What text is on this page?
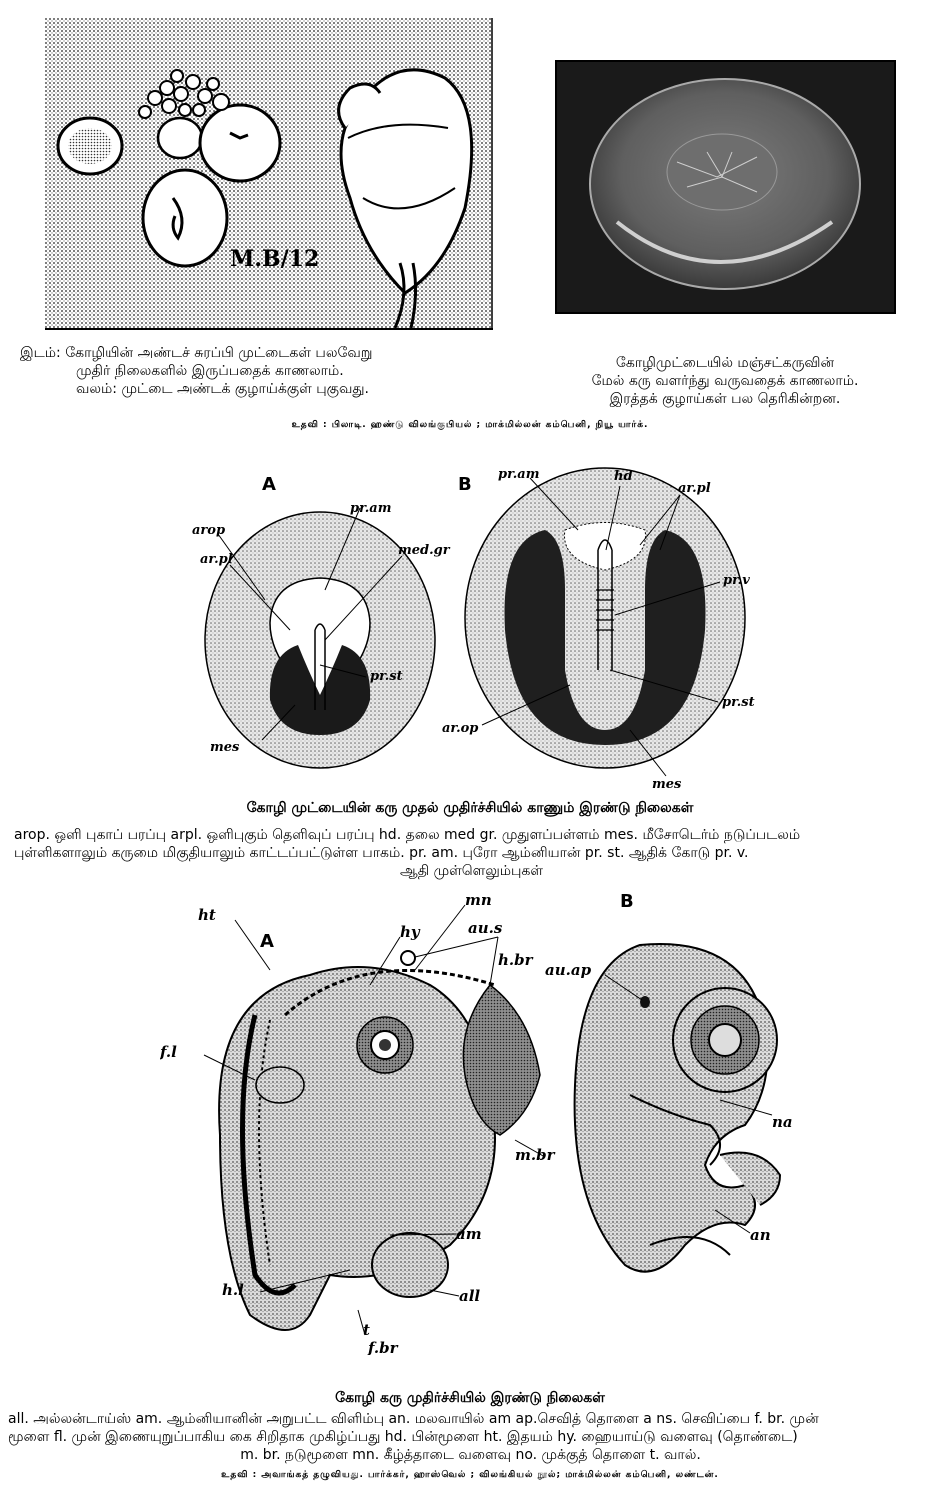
M.B/12
இடம்: கோழியின் அண்டச் சுரப்பி முட்டைகள் பலவேறு
முதிர் நிலைகளில் இருப்பதைக் காணலாம்.
வலம்: முட்டை அண்டக் குழாய்க்குள் புகுவது.
கோழிமுட்டையில் மஞ்சட்கருவின்
மேல் கரு வளர்ந்து வருவதைக் காணலாம்.
இரத்தக் குழாய்கள் பல தெரிகின்றன.
உதவி : பிலாடி. ஹண்டு விலங்குபியல் ; மாக்மில்லன் கம்பெனி, நியூ யார்க்.
A	B
arop
ar.pl
pr.am
med.gr
pr.st
mes
pr.am	hd
ar.pl
pr.v
pr.st
ar.op
mes
கோழி முட்டையின் கரு முதல் முதிர்ச்சியில் காணும் இரண்டு நிலைகள்
arop. ஒளி புகாப் பரப்பு arpl. ஒளிபுகும் தெளிவுப் பரப்பு hd. தலை med gr. முதுளப்பள்ளம் mes. மீசோடெர்ம் நடுப்படலம்
புள்ளிகளாலும் கருமை மிகுதியாலும் காட்டப்பட்டுள்ள பாகம். pr. am. புரோ ஆம்னியான் pr. st. ஆதிக் கோடு pr. v.
ஆதி முள்ளெலும்புகள்
A
B
hy
mn
ht
au.s
h.br
f.l
m.br
am
h.l	all
t
f.br
au.ap
na
an
கோழி கரு முதிர்ச்சியில் இரண்டு நிலைகள்
all. அல்லன்டாய்ஸ் am. ஆம்னியானின் அறுபட்ட விளிம்பு an. மலவாயில் am ap.செவித் தொளை a ns. செவிப்பை f. br. முன்
மூளை fl. முன் இணையுறுப்பாகிய கை சிறிதாக முகிழ்ப்பது hd. பின்மூளை ht. இதயம் hy. ஹையாய்டு வளைவு (தொண்டை)
m. br. நடுமூளை mn. கீழ்த்தாடை வளைவு no. முக்குத் தொளை t. வால்.
உதவி : அவாங்கத் தழுவியது. பார்க்கர், ஹாஸ்வெல் ; விலங்கியல் நூல்; மாக்மில்லன் கம்பெனி, லண்டன்.
